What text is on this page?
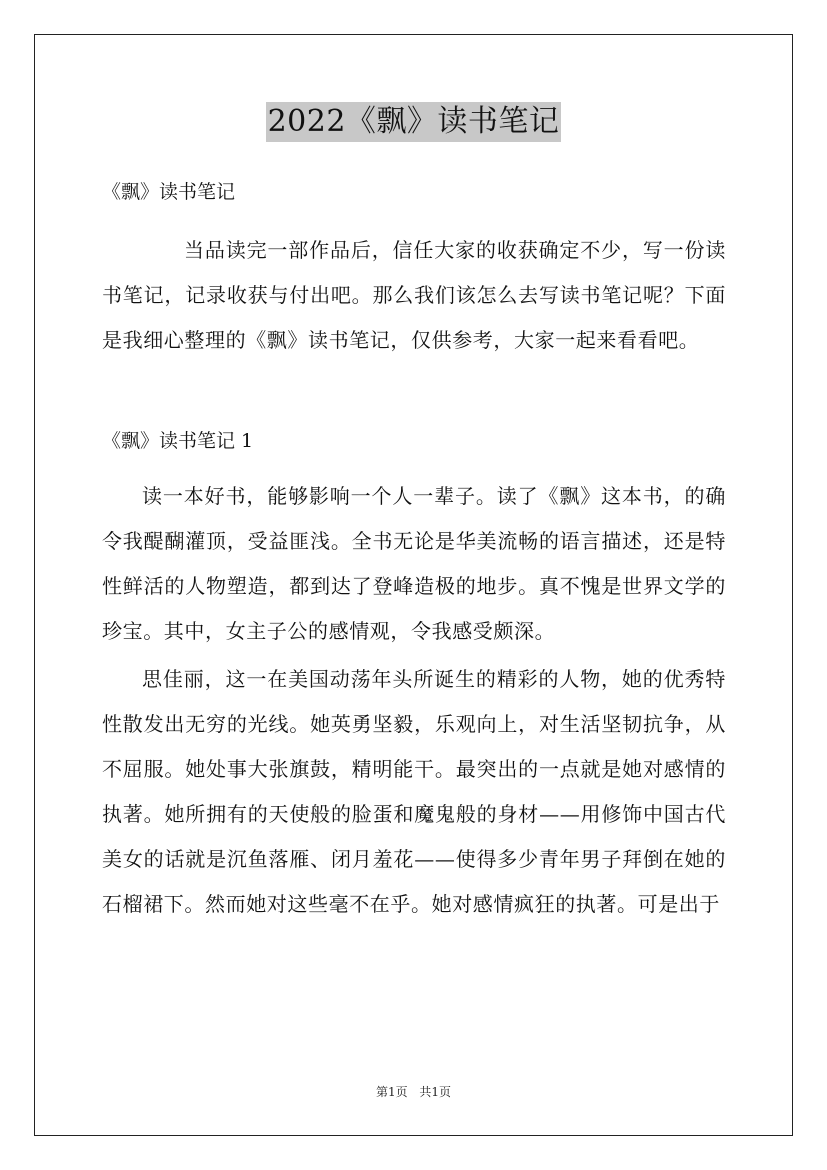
2022《飘》读书笔记

《飘》读书笔记

当品读完一部作品后，信任大家的收获确定不少，写一份读书笔记，记录收获与付出吧。那么我们该怎么去写读书笔记呢？下面是我细心整理的《飘》读书笔记，仅供参考，大家一起来看看吧。

《飘》读书笔记 1

读一本好书，能够影响一个人一辈子。读了《飘》这本书，的确令我醍醐灌顶，受益匪浅。全书无论是华美流畅的语言描述，还是特性鲜活的人物塑造，都到达了登峰造极的地步。真不愧是世界文学的珍宝。其中，女主子公的感情观，令我感受颇深。

思佳丽，这一在美国动荡年头所诞生的精彩的人物，她的优秀特性散发出无穷的光线。她英勇坚毅，乐观向上，对生活坚韧抗争，从不屈服。她处事大张旗鼓，精明能干。最突出的一点就是她对感情的执著。她所拥有的天使般的脸蛋和魔鬼般的身材——用修饰中国古代美女的话就是沉鱼落雁、闭月羞花——使得多少青年男子拜倒在她的石榴裙下。然而她对这些毫不在乎。她对感情疯狂的执著。可是出于

第1页 共1页
